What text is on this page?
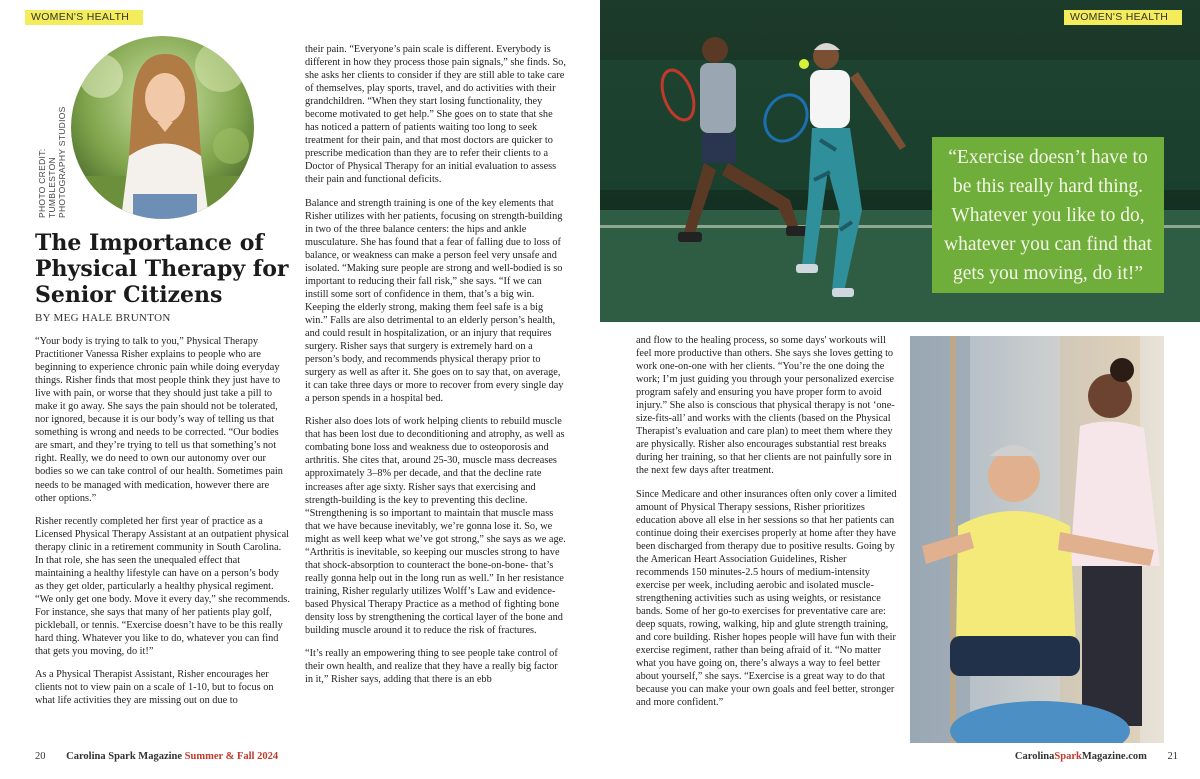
WOMEN'S HEALTH
PHOTO CREDIT: TUMBLESTON PHOTOGRAPHY STUDIOS
The Importance of Physical Therapy for Senior Citizens
BY MEG HALE BRUNTON

“Your body is trying to talk to you,” Physical Therapy Practitioner Vanessa Risher explains to people who are beginning to experience chronic pain while doing everyday things. Risher finds that most people think they just have to live with pain, or worse that they should just take a pill to make it go away. She says the pain should not be tolerated, nor ignored, because it is our body’s way of telling us that something is wrong and needs to be corrected. “Our bodies are smart, and they’re trying to tell us that something’s not right. Really, we do need to own our autonomy over our bodies so we can take control of our health. Sometimes pain needs to be managed with medication, however there are other options.”

Risher recently completed her first year of practice as a Licensed Physical Therapy Assistant at an outpatient physical therapy clinic in a retirement community in South Carolina. In that role, she has seen the unequaled effect that maintaining a healthy lifestyle can have on a person’s body as they get older, particularly a healthy physical regiment. “We only get one body. Move it every day,” she recommends. For instance, she says that many of her patients play golf, pickleball, or tennis. “Exercise doesn’t have to be this really hard thing. Whatever you like to do, whatever you can find that gets you moving, do it!”

As a Physical Therapist Assistant, Risher encourages her clients not to view pain on a scale of 1-10, but to focus on what life activities they are missing out on due to

their pain. “Everyone’s pain scale is different. Everybody is different in how they process those pain signals,” she finds. So, she asks her clients to consider if they are still able to take care of themselves, play sports, travel, and do activities with their grandchildren. “When they start losing functionality, they become motivated to get help.” She goes on to state that she has noticed a pattern of patients waiting too long to seek treatment for their pain, and that most doctors are quicker to prescribe medication than they are to refer their clients to a Doctor of Physical Therapy for an initial evaluation to assess their pain and functional deficits.

Balance and strength training is one of the key elements that Risher utilizes with her patients, focusing on strength-building in two of the three balance centers: the hips and ankle musculature. She has found that a fear of falling due to loss of balance, or weakness can make a person feel very unsafe and isolated. “Making sure people are strong and well-bodied is so important to reducing their fall risk,” she says. “If we can instill some sort of confidence in them, that’s a big win. Keeping the elderly strong, making them feel safe is a big win.” Falls are also detrimental to an elderly person’s health, and could result in hospitalization, or an injury that requires surgery. Risher says that surgery is extremely hard on a person’s body, and recommends physical therapy prior to surgery as well as after it. She goes on to say that, on average, it can take three days or more to recover from every single day a person spends in a hospital bed.

Risher also does lots of work helping clients to rebuild muscle that has been lost due to deconditioning and atrophy, as well as combating bone loss and weakness due to osteoporosis and arthritis. She cites that, around 25-30, muscle mass decreases approximately 3–8% per decade, and that the decline rate increases after age sixty. Risher says that exercising and strength-building is the key to preventing this decline. “Strengthening is so important to maintain that muscle mass that we have because inevitably, we’re gonna lose it. So, we might as well keep what we’ve got strong,” she says as we age. “Arthritis is inevitable, so keeping our muscles strong to have that shock-absorption to counteract the bone-on-bone- that’s really gonna help out in the long run as well.” In her resistance training, Risher regularly utilizes Wolff’s Law and evidence-based Physical Therapy Practice as a method of fighting bone density loss by strengthening the cortical layer of the bone and building muscle around it to reduce the risk of fractures.

“It’s really an empowering thing to see people take control of their own health, and realize that they have a really big factor in it,” Risher says, adding that there is an ebb

20 Carolina Spark Magazine Summer & Fall 2024
WOMEN'S HEALTH
“Exercise doesn’t have to be this really hard thing. Whatever you like to do, whatever you can find that gets you moving, do it!”

and flow to the healing process, so some days' workouts will feel more productive than others. She says she loves getting to work one-on-one with her clients. “You’re the one doing the work; I’m just guiding you through your personalized exercise program safely and ensuring you have proper form to avoid injury.” She also is conscious that physical therapy is not ‘one-size-fits-all’ and works with the clients (based on the Physical Therapist’s evaluation and care plan) to meet them where they are physically. Risher also encourages substantial rest breaks during her training, so that her clients are not painfully sore in the next few days after treatment.

Since Medicare and other insurances often only cover a limited amount of Physical Therapy sessions, Risher prioritizes education above all else in her sessions so that her patients can continue doing their exercises properly at home after they have been discharged from therapy due to positive results. Going by the American Heart Association Guidelines, Risher recommends 150 minutes-2.5 hours of medium-intensity exercise per week, including aerobic and isolated muscle-strengthening activities such as using weights, or resistance bands. Some of her go-to exercises for preventative care are: deep squats, rowing, walking, hip and glute strength training, and core building. Risher hopes people will have fun with their exercise regiment, rather than being afraid of it. “No matter what you have going on, there’s always a way to feel better about yourself,” she says. “Exercise is a great way to do that because you can make your own goals and feel better, stronger and more confident.”

CarolinaSparkMagazine.com 21
